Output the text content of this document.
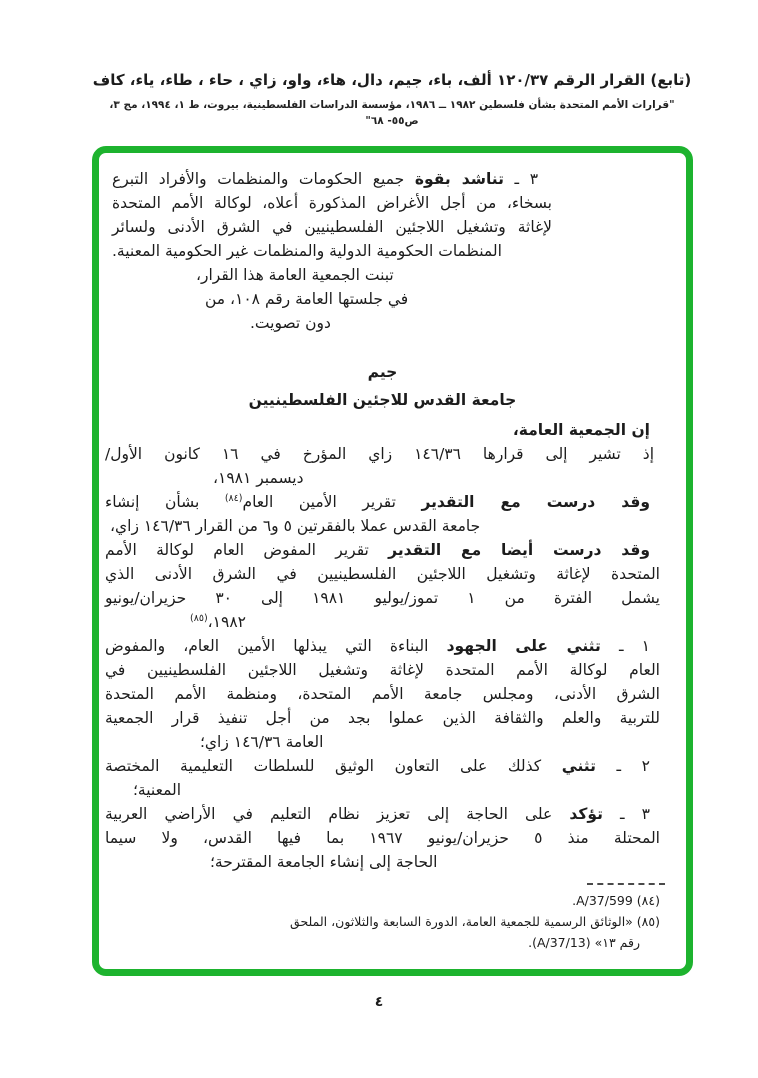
(تابع) القرار الرقم ١٢٠/٣٧ ألف، باء، جيم، دال، هاء، واو، زاي ، حاء ، طاء، ياء، كاف
"قرارات الأمم المتحدة بشأن فلسطين ١٩٨٢ ــ ١٩٨٦، مؤسسة الدراسات الفلسطينية، بيروت، ط ١، ١٩٩٤، مج ٣، ص٥٥- ٦٨"
٣ ـ تناشد بقوة جميع الحكومات والمنظمات والأفراد التبرع
بسخاء، من أجل الأغراض المذكورة أعلاه، لوكالة الأمم المتحدة
لإغاثة وتشغيل اللاجئين الفلسطينيين في الشرق الأدنى ولسائر
المنظمات الحكومية الدولية والمنظمات غير الحكومية المعنية.
تبنت الجمعية العامة هذا القرار،
في جلستها العامة رقم ١٠٨، من
دون تصويت.
جيم
جامعة القدس للاجئين الفلسطينيين
إن الجمعية العامة،
إذ تشير إلى قرارها ١٤٦/٣٦ زاي المؤرخ في ١٦ كانون الأول/
ديسمبر ١٩٨١،
وقد درست مع التقدير تقرير الأمين العام$^{(٨٤)}$ بشأن إنشاء
جامعة القدس عملا بالفقرتين ٥ و٦ من القرار ١٤٦/٣٦ زاي،
وقد درست أيضا مع التقدير تقرير المفوض العام لوكالة الأمم
المتحدة لإغاثة وتشغيل اللاجئين الفلسطينيين في الشرق الأدنى الذي
يشمل الفترة من ١ تموز/يوليو ١٩٨١ إلى ٣٠ حزيران/يونيو
١٩٨٢،$^{(٨٥)}$
١ ـ تثني على الجهود البناءة التي يبذلها الأمين العام، والمفوض
العام لوكالة الأمم المتحدة لإغاثة وتشغيل اللاجئين الفلسطينيين في
الشرق الأدنى، ومجلس جامعة الأمم المتحدة، ومنظمة الأمم المتحدة
للتربية والعلم والثقافة الذين عملوا بجد من أجل تنفيذ قرار الجمعية
العامة ١٤٦/٣٦ زاي؛
٢ ـ تثني كذلك على التعاون الوثيق للسلطات التعليمية المختصة
المعنية؛
٣ ـ تؤكد على الحاجة إلى تعزيز نظام التعليم في الأراضي العربية
المحتلة منذ ٥ حزيران/يونيو ١٩٦٧ بما فيها القدس، ولا سيما
الحاجة إلى إنشاء الجامعة المقترحة؛
(٨٤) A/37/599.
(٨٥) «الوثائق الرسمية للجمعية العامة، الدورة السابعة والثلاثون، الملحق
رقم ١٣» (A/37/13).
٤
